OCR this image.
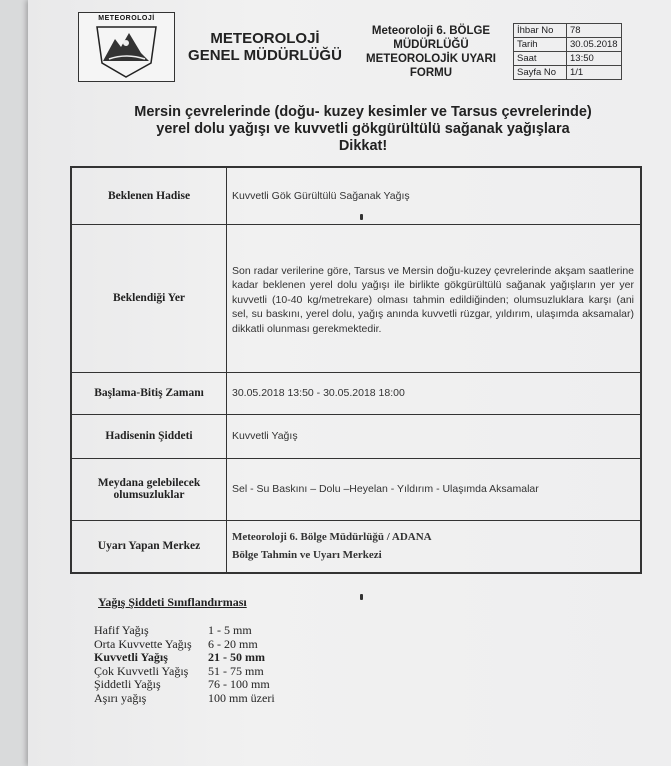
METEOROLOJİ
METEOROLOJİ
GENEL MÜDÜRLÜĞÜ
Meteoroloji 6. BÖLGE
MÜDÜRLÜĞÜ
METEOROLOJİK UYARI
FORMU
İhbar No	78
Tarih	30.05.2018
Saat	13:50
Sayfa No	1/1
Mersin çevrelerinde (doğu- kuzey kesimler ve Tarsus çevrelerinde)
yerel dolu yağışı ve kuvvetli gökgürültülü sağanak yağışlara
Dikkat!
Beklenen Hadise	Kuvvetli Gök Gürültülü Sağanak Yağış
Beklendiği Yer	Son radar verilerine göre, Tarsus ve Mersin doğu-kuzey çevrelerinde akşam saatlerine kadar beklenen yerel dolu yağışı ile birlikte gökgürültülü sağanak yağışların yer yer kuvvetli (10-40 kg/metrekare) olması tahmin edildiğinden; olumsuzluklara karşı (ani sel, su baskını, yerel dolu, yağış anında kuvvetli rüzgar, yıldırım, ulaşımda aksamalar) dikkatli olunması gerekmektedir.
Başlama-Bitiş Zamanı	30.05.2018 13:50 - 30.05.2018 18:00
Hadisenin Şiddeti	Kuvvetli Yağış
Meydana gelebilecek olumsuzluklar	Sel - Su Baskını – Dolu –Heyelan - Yıldırım - Ulaşımda Aksamalar
Uyarı Yapan Merkez	Meteoroloji 6. Bölge Müdürlüğü / ADANA
Bölge Tahmin ve Uyarı Merkezi
Yağış Şiddeti Sınıflandırması
Hafif Yağış	1 - 5 mm
Orta Kuvvette Yağış	6 - 20 mm
Kuvvetli Yağış	21 - 50 mm
Çok Kuvvetli Yağış	51 - 75 mm
Şiddetli Yağış	76 - 100 mm
Aşırı yağış	100 mm üzeri
